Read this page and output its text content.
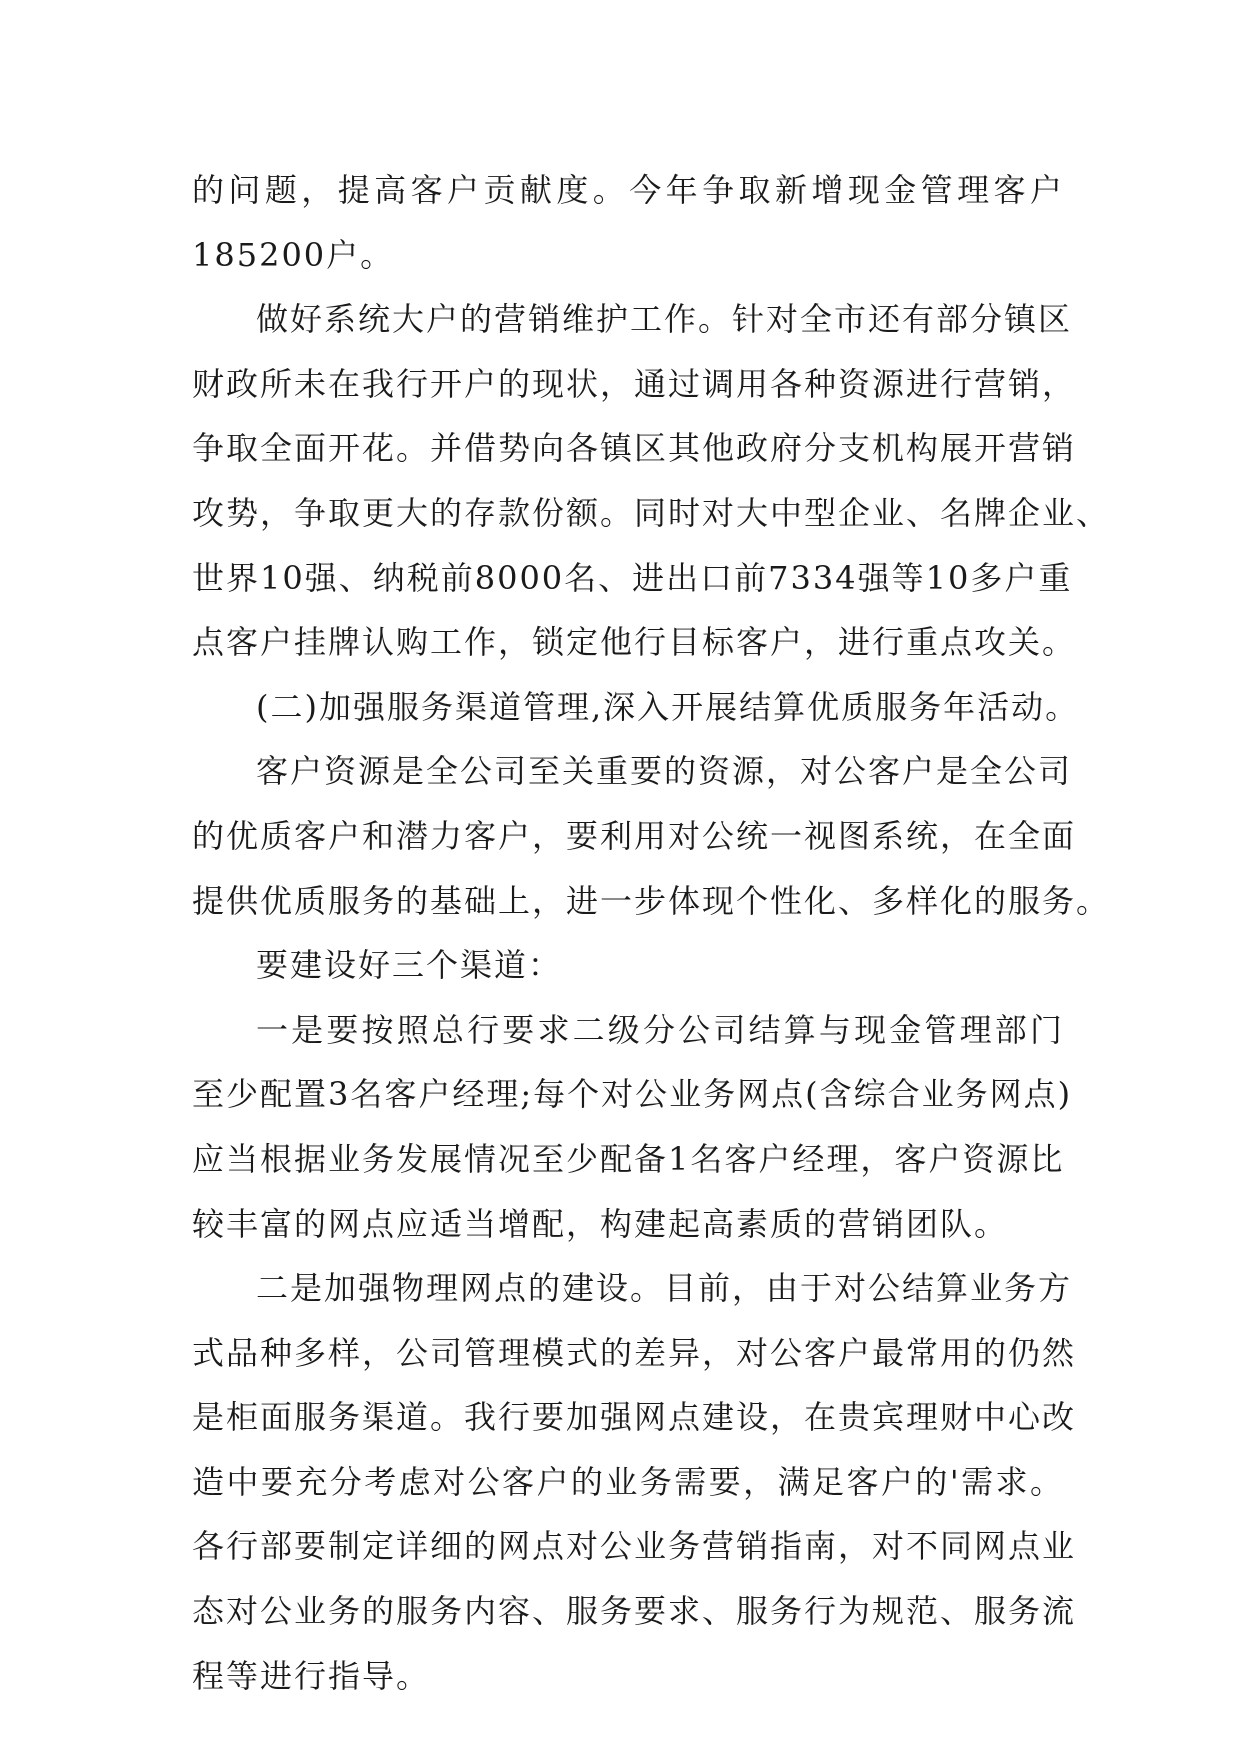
的问题，提高客户贡献度。今年争取新增现金管理客户
185200户。
做好系统大户的营销维护工作。针对全市还有部分镇区
财政所未在我行开户的现状，通过调用各种资源进行营销，
争取全面开花。并借势向各镇区其他政府分支机构展开营销
攻势，争取更大的存款份额。同时对大中型企业、名牌企业、
世界10强、纳税前8000名、进出口前7334强等10多户重
点客户挂牌认购工作，锁定他行目标客户，进行重点攻关。
(二)加强服务渠道管理,深入开展结算优质服务年活动。
客户资源是全公司至关重要的资源，对公客户是全公司
的优质客户和潜力客户，要利用对公统一视图系统，在全面
提供优质服务的基础上，进一步体现个性化、多样化的服务。
要建设好三个渠道：
一是要按照总行要求二级分公司结算与现金管理部门
至少配置3名客户经理;每个对公业务网点(含综合业务网点)
应当根据业务发展情况至少配备1名客户经理，客户资源比
较丰富的网点应适当增配，构建起高素质的营销团队。
二是加强物理网点的建设。目前，由于对公结算业务方
式品种多样，公司管理模式的差异，对公客户最常用的仍然
是柜面服务渠道。我行要加强网点建设，在贵宾理财中心改
造中要充分考虑对公客户的业务需要，满足客户的'需求。
各行部要制定详细的网点对公业务营销指南，对不同网点业
态对公业务的服务内容、服务要求、服务行为规范、服务流
程等进行指导。
